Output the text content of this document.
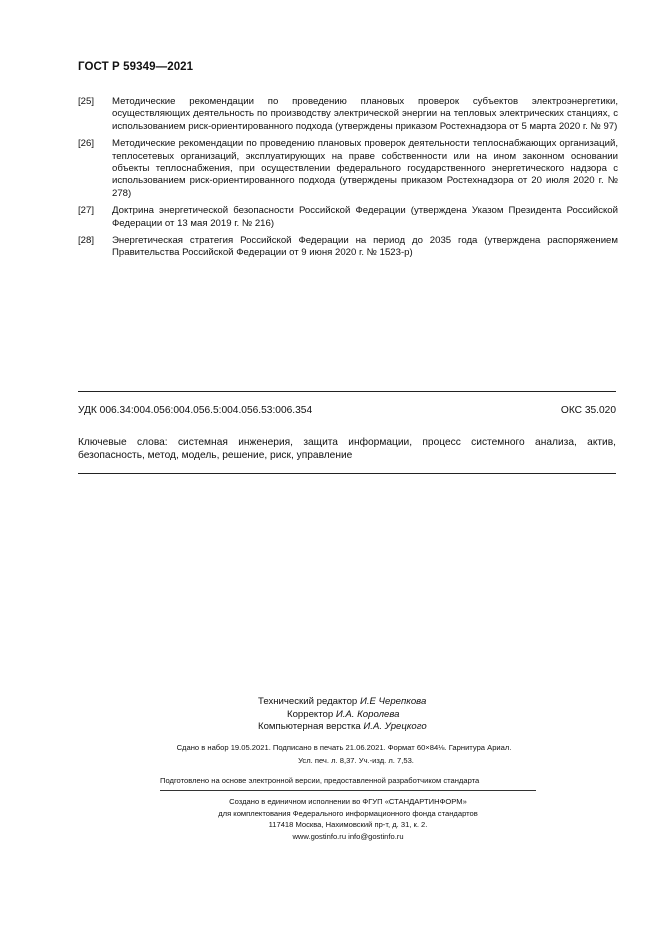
ГОСТ Р 59349—2021
[25]	Методические рекомендации по проведению плановых проверок субъектов электроэнергетики, осуществляющих деятельность по производству электрической энергии на тепловых электрических станциях, с использованием риск-ориентированного подхода (утверждены приказом Ростехнадзора от 5 марта 2020 г. № 97)
[26]	Методические рекомендации по проведению плановых проверок деятельности теплоснабжающих организаций, теплосетевых организаций, эксплуатирующих на праве собственности или на ином законном основании объекты теплоснабжения, при осуществлении федерального государственного энергетического надзора с использованием риск-ориентированного подхода (утверждены приказом Ростехнадзора от 20 июля 2020 г. № 278)
[27]	Доктрина энергетической безопасности Российской Федерации (утверждена Указом Президента Российской Федерации от 13 мая 2019 г. № 216)
[28]	Энергетическая стратегия Российской Федерации на период до 2035 года (утверждена распоряжением Правительства Российской Федерации от 9 июня 2020 г. № 1523-р)
УДК 006.34:004.056:004.056.5:004.056.53:006.354	ОКС 35.020
Ключевые слова: системная инженерия, защита информации, процесс системного анализа, актив, безопасность, метод, модель, решение, риск, управление
Технический редактор И.Е Черепкова
Корректор И.А. Королева
Компьютерная верстка И.А. Урецкого
Сдано в набор 19.05.2021. Подписано в печать 21.06.2021. Формат 60×84⅛. Гарнитура Ариал.
Усл. печ. л. 8,37. Уч.-изд. л. 7,53.
Подготовлено на основе электронной версии, предоставленной разработчиком стандарта
Создано в единичном исполнении во ФГУП «СТАНДАРТИНФОРМ»
для комплектования Федерального информационного фонда стандартов
117418 Москва, Нахимовский пр-т, д. 31, к. 2.
www.gostinfo.ru info@gostinfo.ru
